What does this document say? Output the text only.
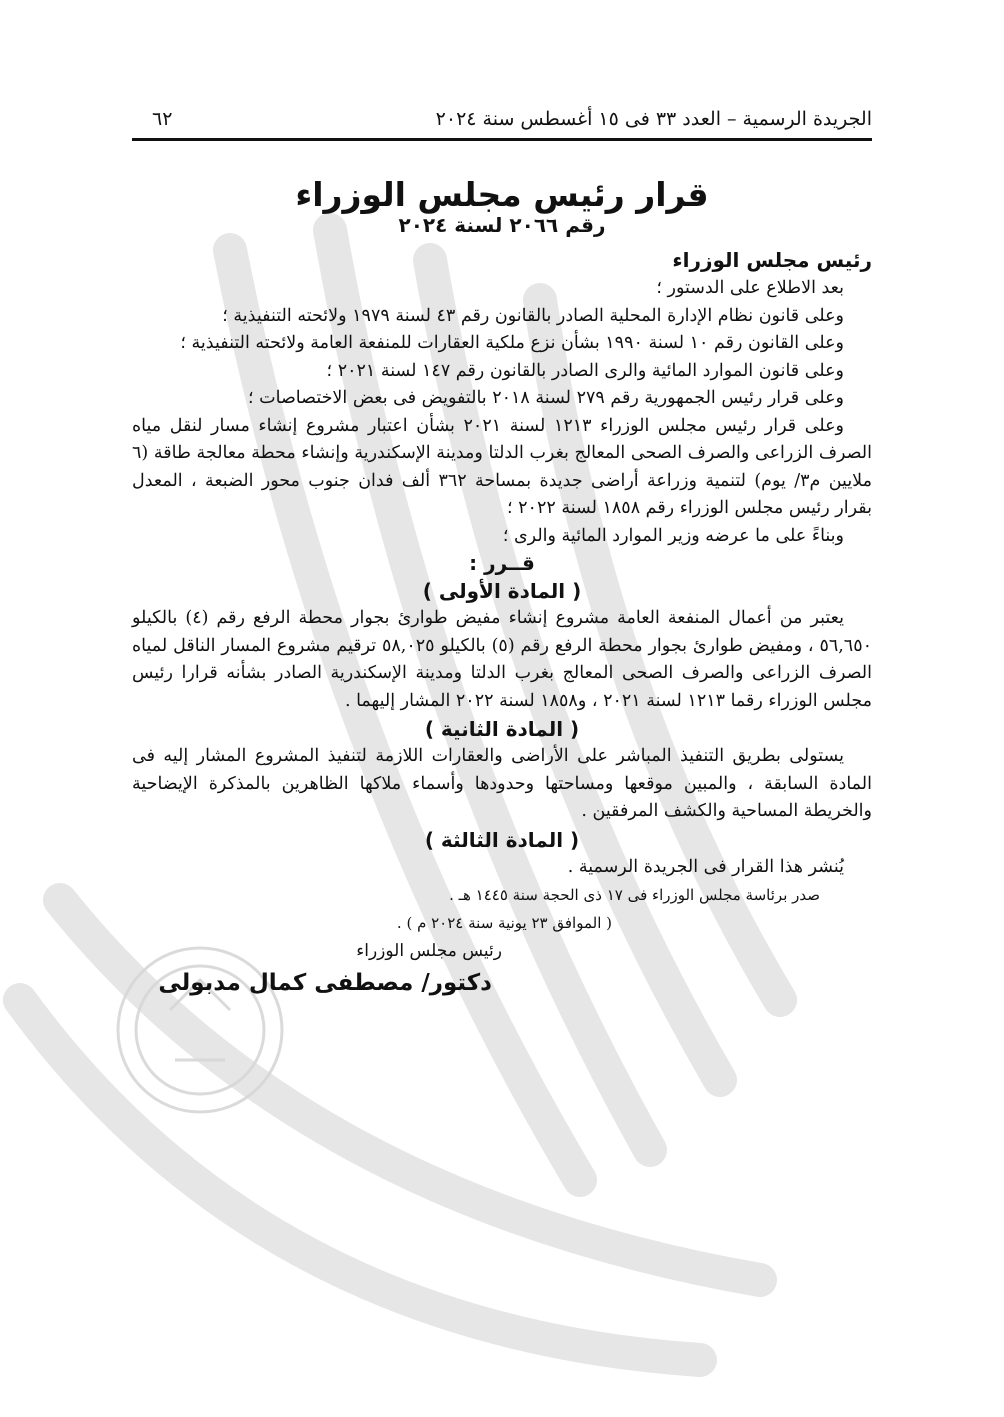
الجريدة الرسمية – العدد ٣٣ فى ١٥ أغسطس سنة ٢٠٢٤
٦٢
قرار رئيس مجلس الوزراء
رقم ٢٠٦٦ لسنة ٢٠٢٤
رئيس مجلس الوزراء

بعد الاطلاع على الدستور ؛

وعلى قانون نظام الإدارة المحلية الصادر بالقانون رقم ٤٣ لسنة ١٩٧٩ ولائحته التنفيذية ؛

وعلى القانون رقم ١٠ لسنة ١٩٩٠ بشأن نزع ملكية العقارات للمنفعة العامة ولائحته التنفيذية ؛

وعلى قانون الموارد المائية والرى الصادر بالقانون رقم ١٤٧ لسنة ٢٠٢١ ؛

وعلى قرار رئيس الجمهورية رقم ٢٧٩ لسنة ٢٠١٨ بالتفويض فى بعض الاختصاصات ؛

وعلى قرار رئيس مجلس الوزراء ١٢١٣ لسنة ٢٠٢١ بشأن اعتبار مشروع إنشاء مسار لنقل مياه الصرف الزراعى والصرف الصحى المعالج بغرب الدلتا ومدينة الإسكندرية وإنشاء محطة معالجة طاقة (٦ ملايين م٣/ يوم) لتنمية وزراعة أراضى جديدة بمساحة ٣٦٢ ألف فدان جنوب محور الضبعة ، المعدل بقرار رئيس مجلس الوزراء رقم ١٨٥٨ لسنة ٢٠٢٢ ؛

وبناءً على ما عرضه وزير الموارد المائية والرى ؛

قــرر :
( المادة الأولى )

يعتبر من أعمال المنفعة العامة مشروع إنشاء مفيض طوارئ بجوار محطة الرفع رقم (٤) بالكيلو ٥٦,٦٥٠ ، ومفيض طوارئ بجوار محطة الرفع رقم (٥) بالكيلو ٥٨,٠٢٥ ترقيم مشروع المسار الناقل لمياه الصرف الزراعى والصرف الصحى المعالج بغرب الدلتا ومدينة الإسكندرية الصادر بشأنه قرارا رئيس مجلس الوزراء رقما ١٢١٣ لسنة ٢٠٢١ ، و١٨٥٨ لسنة ٢٠٢٢ المشار إليهما .

( المادة الثانية )

يستولى بطريق التنفيذ المباشر على الأراضى والعقارات اللازمة لتنفيذ المشروع المشار إليه فى المادة السابقة ، والمبين موقعها ومساحتها وحدودها وأسماء ملاكها الظاهرين بالمذكرة الإيضاحية والخريطة المساحية والكشف المرفقين .

( المادة الثالثة )

يُنشر هذا القرار فى الجريدة الرسمية .

صدر برئاسة مجلس الوزراء فى ١٧ ذى الحجة سنة ١٤٤٥ هـ .
( الموافق ٢٣ يونية سنة ٢٠٢٤ م ) .
رئيس مجلس الوزراء
دكتور/ مصطفى كمال مدبولى
